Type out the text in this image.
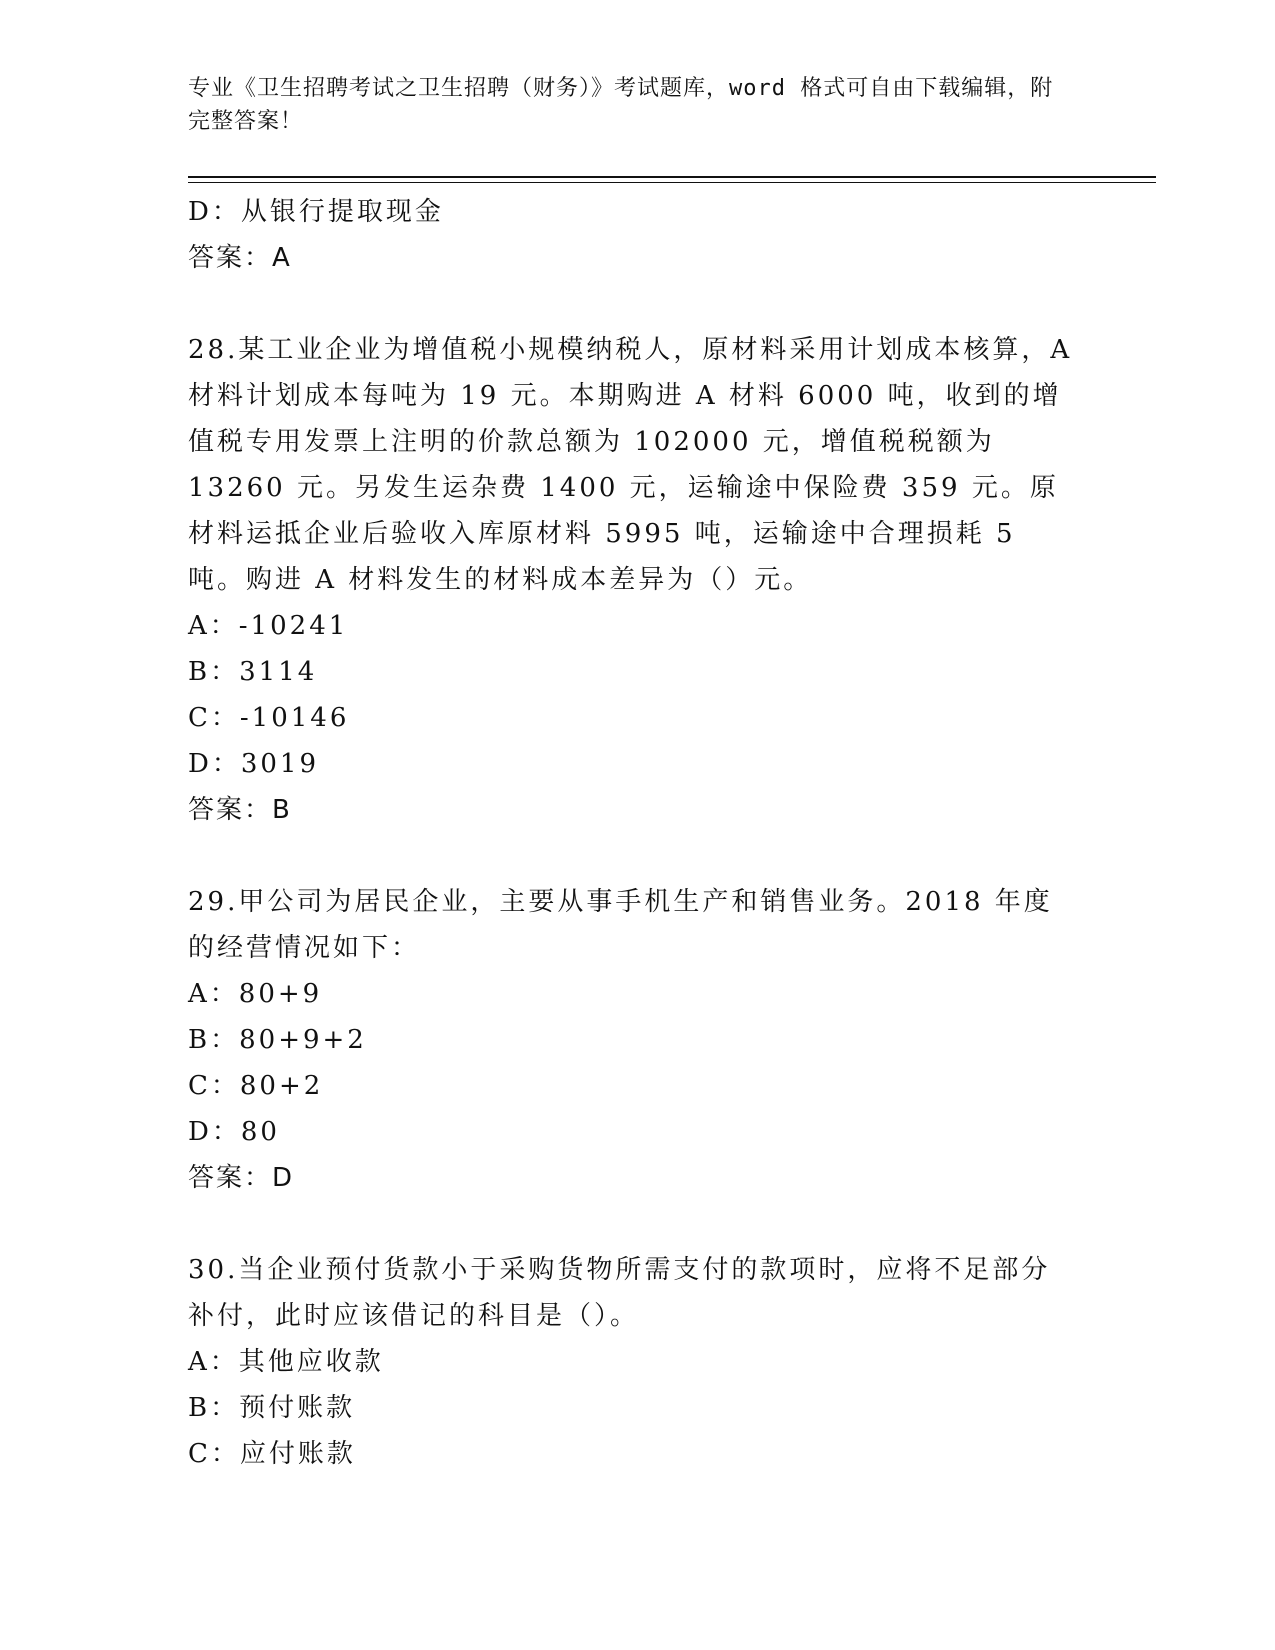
专业《卫生招聘考试之卫生招聘（财务）》考试题库，word 格式可自由下载编辑，附完整答案！
D：从银行提取现金
答案：A
28.某工业企业为增值税小规模纳税人，原材料采用计划成本核算，A 材料计划成本每吨为 19 元。本期购进 A 材料 6000 吨，收到的增值税专用发票上注明的价款总额为 102000 元，增值税税额为 13260 元。另发生运杂费 1400 元，运输途中保险费 359 元。原材料运抵企业后验收入库原材料 5995 吨，运输途中合理损耗 5 吨。购进 A 材料发生的材料成本差异为（）元。
A：-10241
B：3114
C：-10146
D：3019
答案：B
29.甲公司为居民企业，主要从事手机生产和销售业务。2018 年度的经营情况如下：
A：80+9
B：80+9+2
C：80+2
D：80
答案：D
30.当企业预付货款小于采购货物所需支付的款项时，应将不足部分补付，此时应该借记的科目是（）。
A：其他应收款
B：预付账款
C：应付账款
